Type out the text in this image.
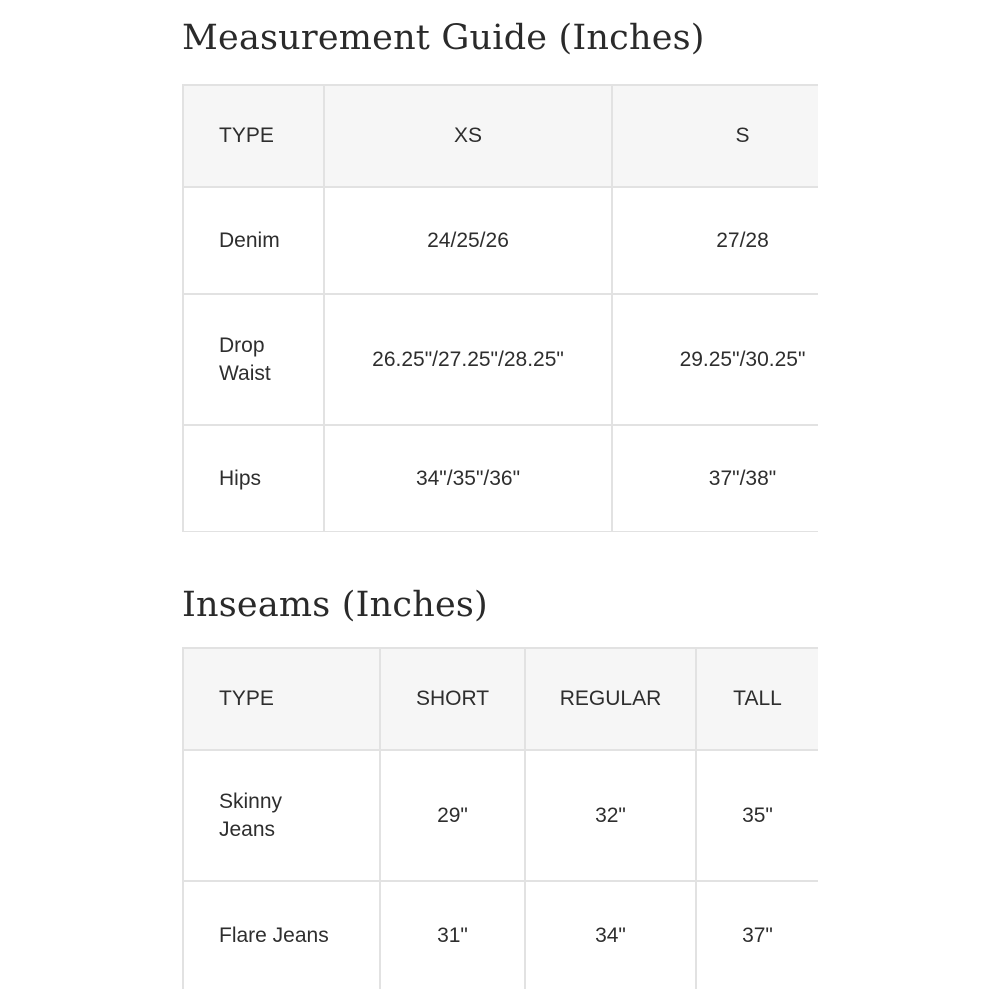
Measurement Guide (Inches)
TYPE	XS	S
Denim	24/25/26	27/28
Drop Waist	26.25"/27.25"/28.25"	29.25"/30.25"
Hips	34"/35"/36"	37"/38"
Inseams (Inches)
TYPE	SHORT	REGULAR	TALL
Skinny Jeans	29"	32"	35"
Flare Jeans	31"	34"	37"
